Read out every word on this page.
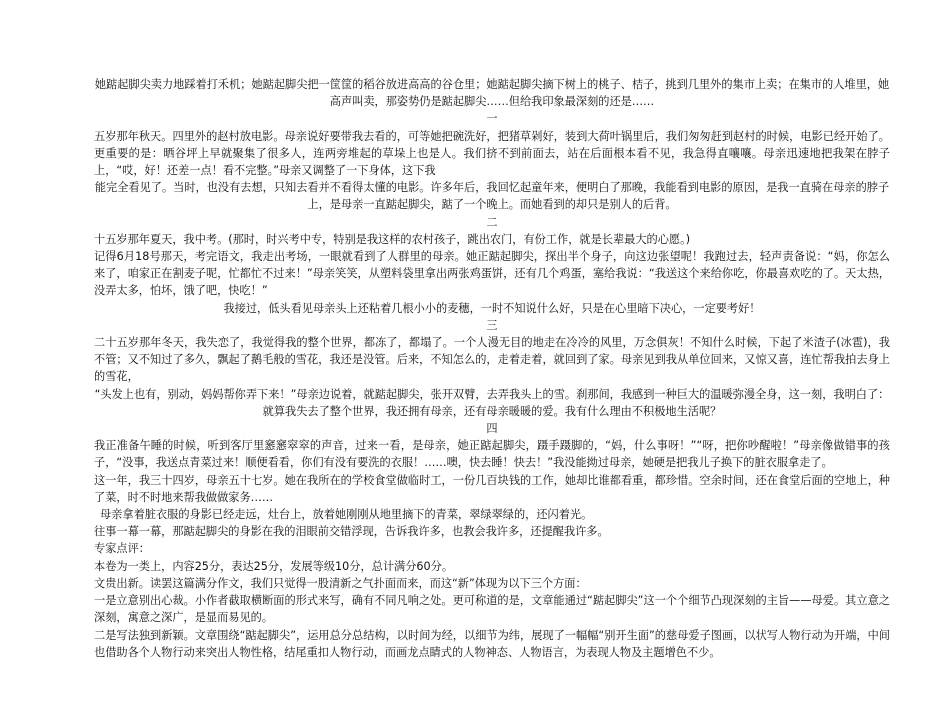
她踮起脚尖卖力地踩着打禾机；她踮起脚尖把一筐筐的稻谷放进高高的谷仓里；她踮起脚尖摘下树上的桃子、桔子，挑到几里外的集市上卖；在集市的人堆里，她高声叫卖，那姿势仍是踮起脚尖……但给我印象最深刻的还是……

一

五岁那年秋天。四里外的赵村放电影。母亲说好要带我去看的，可等她把碗洗好，把猪草剁好，装到大荷叶锅里后，我们匆匆赶到赵村的时候，电影已经开始了。更重要的是：晒谷坪上早就聚集了很多人，连两旁堆起的草垛上也是人。我们挤不到前面去，站在后面根本看不见，我急得直嚷嚷。母亲迅速地把我架在脖子上，“哎，好！还差一点！看不完整。”母亲又调整了一下身体，这下我

能完全看见了。当时，也没有去想，只知去看并不看得太懂的电影。许多年后，我回忆起童年来，便明白了那晚，我能看到电影的原因，是我一直骑在母亲的脖子上，是母亲一直踮起脚尖，踮了一个晚上。而她看到的却只是别人的后背。

二

十五岁那年夏天，我中考。(那时，时兴考中专，特别是我这样的农村孩子，跳出农门，有份工作，就是长辈最大的心愿。)

记得6月18号那天，考完语文，我走出考场，一眼就看到了人群里的母亲。她正踮起脚尖，探出半个身子，向这边张望呢！我跑过去，轻声责备说：“妈，你怎么来了，咱家正在割麦子呢，忙都忙不过来！”母亲笑笑，从塑料袋里拿出两张鸡蛋饼，还有几个鸡蛋，塞给我说：“我送这个来给你吃，你最喜欢吃的了。天太热，没弄太多，怕坏，饿了吧，快吃！”

我接过，低头看见母亲头上还粘着几根小小的麦穗，一时不知说什么好，只是在心里暗下决心，一定要考好！

三

二十五岁那年冬天，我失恋了，我觉得我的整个世界，都冻了，都塌了。一个人漫无目的地走在冷冷的风里，万念俱灰！不知什么时候，下起了米渣子(冰雹)，我不管；又不知过了多久，飘起了鹅毛般的雪花，我还是没管。后来，不知怎么的，走着走着，就回到了家。母亲见到我从单位回来，又惊又喜，连忙帮我拍去身上的雪花，

“头发上也有，别动，妈妈帮你弄下来！”母亲边说着，就踮起脚尖，张开双臂，去弄我头上的雪。刹那间，我感到一种巨大的温暖弥漫全身，这一刻，我明白了：就算我失去了整个世界，我还拥有母亲，还有母亲暖暖的爱。我有什么理由不积极地生活呢？

四

我正准备午睡的时候，听到客厅里窸窸窣窣的声音，过来一看，是母亲，她正踮起脚尖，蹑手蹑脚的，“妈，什么事呀！”“呀，把你吵醒啦！”母亲像做错事的孩子，“没事，我送点青菜过来！顺便看看，你们有没有要洗的衣服！……噢，快去睡！快去！”我没能拗过母亲，她硬是把我儿子换下的脏衣服拿走了。

这一年，我三十四岁，母亲五十七岁。她在我所在的学校食堂做临时工，一份几百块钱的工作，她却比谁都看重，都珍惜。空余时间，还在食堂后面的空地上，种了菜，时不时地来帮我做做家务……

母亲拿着脏衣服的身影已经走远，灶台上，放着她刚刚从地里摘下的青菜，翠绿翠绿的，还闪着光。

往事一幕一幕，那踮起脚尖的身影在我的泪眼前交错浮现，告诉我许多，也教会我许多，还提醒我许多。

专家点评：

本卷为一类上，内容25分，表达25分，发展等级10分，总计满分60分。

文贵出新。读罢这篇满分作文，我们只觉得一股清新之气扑面而来，而这“新”体现为以下三个方面：

一是立意别出心裁。小作者截取横断面的形式来写，确有不同凡响之处。更可称道的是，文章能通过“踮起脚尖”这一个个细节凸现深刻的主旨——母爱。其立意之深刻，寓意之深广，是显而易见的。

二是写法独到新颖。文章围绕“踮起脚尖”，运用总分总结构，以时间为经，以细节为纬，展现了一幅幅“别开生面”的慈母爱子图画，以状写人物行动为开端，中间也借助各个人物行动来突出人物性格，结尾重扣人物行动，而画龙点睛式的人物神态、人物语言，为表现人物及主题增色不少。
